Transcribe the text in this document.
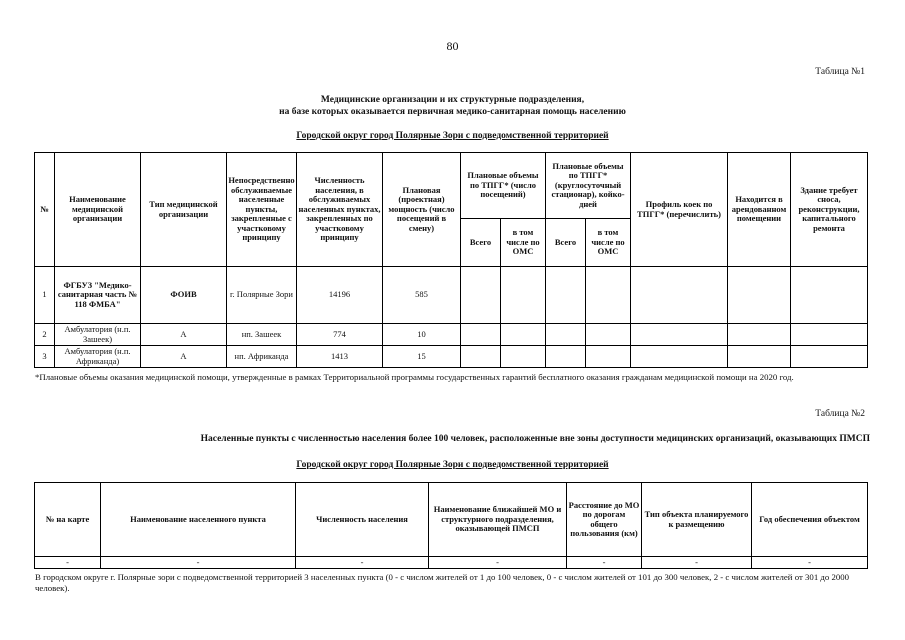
80
Таблица №1
Медицинские организации и их структурные подразделения,
на базе которых оказывается первичная медико-санитарная помощь населению
Городской округ город Полярные Зори с подведомственной территорией
№	Наименование медицинской организации	Тип медицинской организации	Непосредственно обслуживаемые населенные пункты, закрепленные с участковому принципу	Численность населения, в обслуживаемых населенных пунктах, закрепленных по участковому принципу	Плановая (проектная) мощность (число посещений в смену)	Плановые объемы по ТПГГ* (число посещений)		Плановые объемы по ТПГГ* (круглосуточный стационар), койко-дней		Профиль коек по ТПГГ* (перечислить)	Находится в арендованном помещении	Здание требует сноса, реконструкции, капитального ремонта
						Всего	в том числе по ОМС	Всего	в том числе по ОМС			
1	ФГБУЗ "Медико-санитарная часть № 118 ФМБА"	ФОИВ	г. Полярные Зори	14196	585							
2	Амбулатория (н.п. Зашеек)	А	нп. Зашеек	774	10							
3	Амбулатория (н.п. Африканда)	А	нп. Африканда	1413	15							
*Плановые объемы оказания медицинской помощи, утвержденные в рамках Территориальной программы государственных гарантий бесплатного оказания гражданам медицинской помощи на 2020 год.
Таблица №2
Населенные пункты с численностью населения более 100 человек, расположенные вне зоны доступности медицинских организаций, оказывающих ПМСП
Городской округ город Полярные Зори с подведомственной территорией
№ на карте	Наименование населенного пункта	Численность населения	Наименование ближайшей МО и структурного подразделения, оказывающей ПМСП	Расстояние до МО по дорогам общего пользования (км)	Тип объекта планируемого к размещению	Год обеспечения объектом
-	-	-	-	-	-	-
В городском округе г. Полярные зори с подведомственной территорией 3 населенных пункта (0 - с числом жителей от 1 до 100 человек, 0 - с числом жителей от 101 до 300 человек, 2 - с числом жителей от 301 до 2000 человек).
